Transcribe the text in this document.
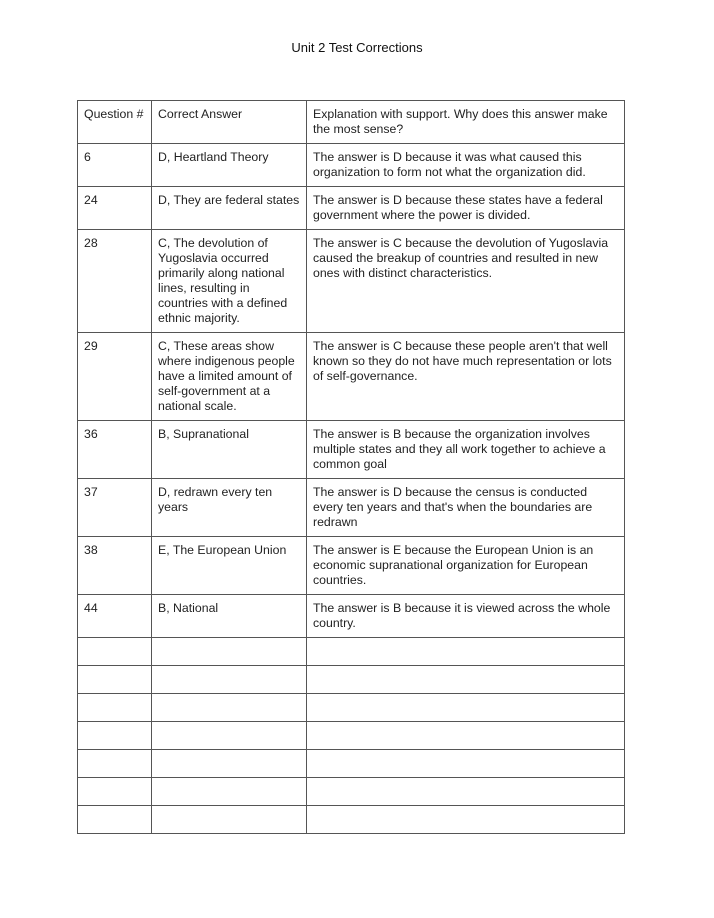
Unit 2 Test Corrections
Question #	Correct Answer	Explanation with support. Why does this answer make the most sense?
6	D, Heartland Theory	The answer is D because it was what caused this organization to form not what the organization did.
24	D, They are federal states	The answer is D because these states have a federal government where the power is divided.
28	C, The devolution of Yugoslavia occurred primarily along national lines, resulting in countries with a defined ethnic majority.	The answer is C because the devolution of Yugoslavia caused the breakup of countries and resulted in new ones with distinct characteristics.
29	C, These areas show where indigenous people have a limited amount of self-government at a national scale.	The answer is C because these people aren't that well known so they do not have much representation or lots of self-governance.
36	B, Supranational	The answer is B because the organization involves multiple states and they all work together to achieve a common goal
37	D, redrawn every ten years	The answer is D because the census is conducted every ten years and that's when the boundaries are redrawn
38	E, The European Union	The answer is E because the European Union is an economic supranational organization for European countries.
44	B, National	The answer is B because it is viewed across the whole country.
